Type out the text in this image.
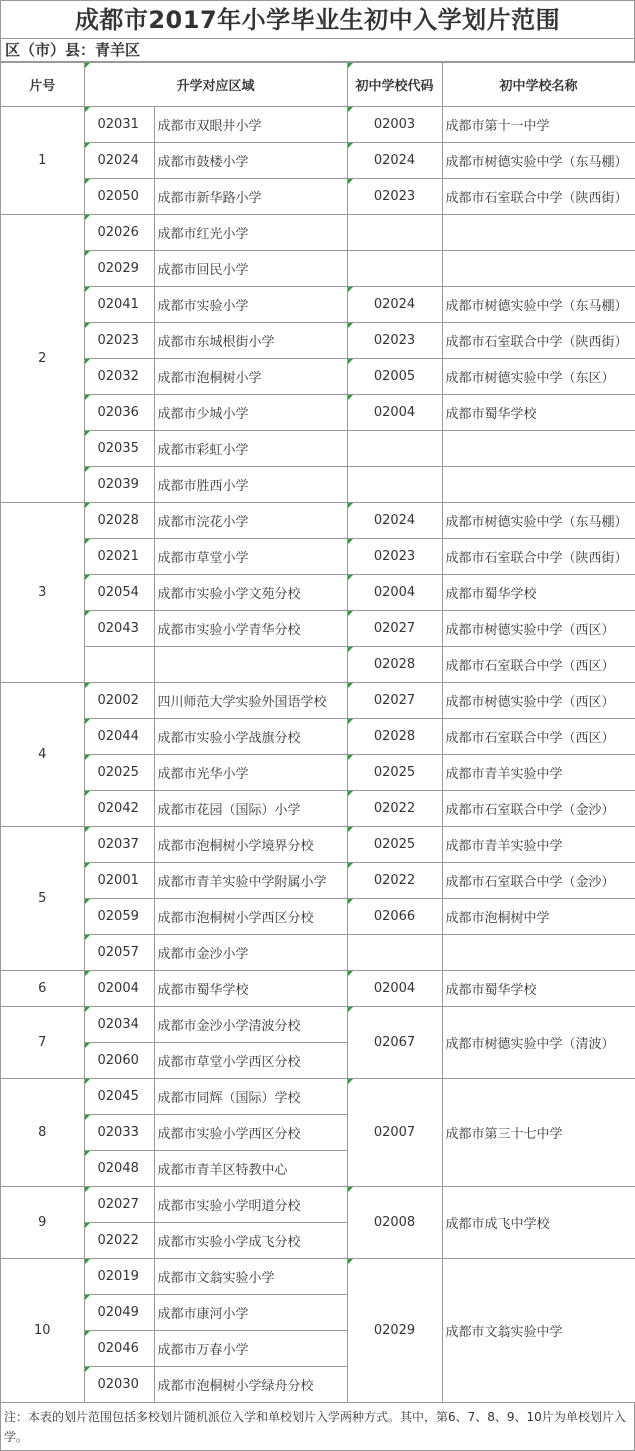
成都市2017年小学毕业生初中入学划片范围
区（市）县：青羊区
片号	升学对应区域		初中学校代码	初中学校名称
1	02031	成都市双眼井小学	02003	成都市第十一中学
	02024	成都市鼓楼小学	02024	成都市树德实验中学（东马棚）
	02050	成都市新华路小学	02023	成都市石室联合中学（陕西街）
2	02026	成都市红光小学		
	02029	成都市回民小学		
	02041	成都市实验小学	02024	成都市树德实验中学（东马棚）
	02023	成都市东城根街小学	02023	成都市石室联合中学（陕西街）
	02032	成都市泡桐树小学	02005	成都市树德实验中学（东区）
	02036	成都市少城小学	02004	成都市蜀华学校
	02035	成都市彩虹小学		
	02039	成都市胜西小学		
3	02028	成都市浣花小学	02024	成都市树德实验中学（东马棚）
	02021	成都市草堂小学	02023	成都市石室联合中学（陕西街）
	02054	成都市实验小学文苑分校	02004	成都市蜀华学校
	02043	成都市实验小学青华分校	02027	成都市树德实验中学（西区）
			02028	成都市石室联合中学（西区）
4	02002	四川师范大学实验外国语学校	02027	成都市树德实验中学（西区）
	02044	成都市实验小学战旗分校	02028	成都市石室联合中学（西区）
	02025	成都市光华小学	02025	成都市青羊实验中学
	02042	成都市花园（国际）小学	02022	成都市石室联合中学（金沙）
5	02037	成都市泡桐树小学境界分校	02025	成都市青羊实验中学
	02001	成都市青羊实验中学附属小学	02022	成都市石室联合中学（金沙）
	02059	成都市泡桐树小学西区分校	02066	成都市泡桐树中学
	02057	成都市金沙小学		
6	02004	成都市蜀华学校	02004	成都市蜀华学校
7	02034	成都市金沙小学清波分校	02067	成都市树德实验中学（清波）
	02060	成都市草堂小学西区分校		
8	02045	成都市同辉（国际）学校	02007	成都市第三十七中学
	02033	成都市实验小学西区分校		
	02048	成都市青羊区特教中心		
9	02027	成都市实验小学明道分校	02008	成都市成飞中学校
	02022	成都市实验小学成飞分校		
10	02019	成都市文翁实验小学	02029	成都市文翁实验中学
	02049	成都市康河小学		
	02046	成都市万春小学		
	02030	成都市泡桐树小学绿舟分校		
注：本表的划片范围包括多校划片随机派位入学和单校划片入学两种方式。其中，第6、7、8、9、10片为单校划片入学。
